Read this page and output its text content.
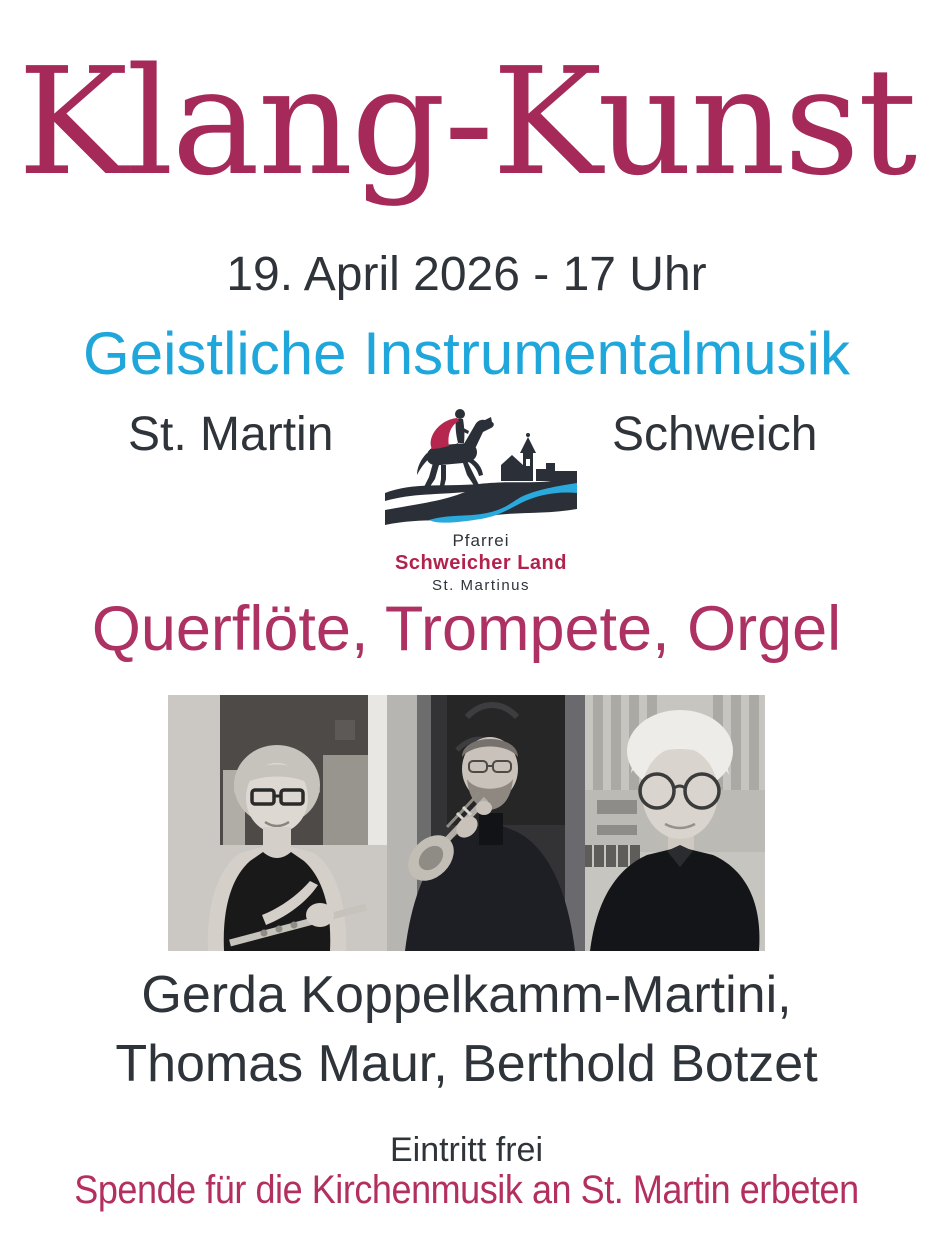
Klang-Kunst
19. April 2026 - 17 Uhr
Geistliche Instrumentalmusik
St. Martin	Schweich
Pfarrei
Schweicher Land
St. Martinus
Querflöte, Trompete, Orgel
Gerda Koppelkamm-Martini,
Thomas Maur, Berthold Botzet
Eintritt frei
Spende für die Kirchenmusik an St. Martin erbeten
